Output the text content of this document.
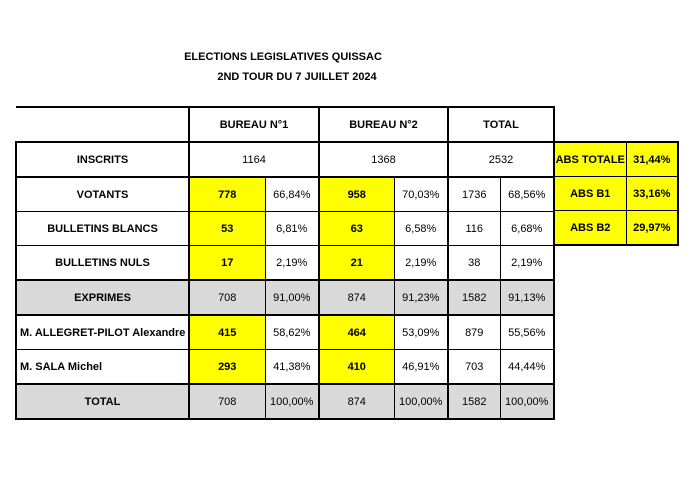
ELECTIONS LEGISLATIVES QUISSAC
2ND TOUR DU 7 JUILLET 2024
	BUREAU N°1		BUREAU N°2		TOTAL	
INSCRITS	1164		1368		2532	
VOTANTS	778	66,84%	958	70,03%	1736	68,56%
BULLETINS BLANCS	53	6,81%	63	6,58%	116	6,68%
BULLETINS NULS	17	2,19%	21	2,19%	38	2,19%
EXPRIMES	708	91,00%	874	91,23%	1582	91,13%
M. ALLEGRET-PILOT Alexandre	415	58,62%	464	53,09%	879	55,56%
M. SALA Michel	293	41,38%	410	46,91%	703	44,44%
TOTAL	708	100,00%	874	100,00%	1582	100,00%
ABS TOTALE	31,44%
ABS B1	33,16%
ABS B2	29,97%
